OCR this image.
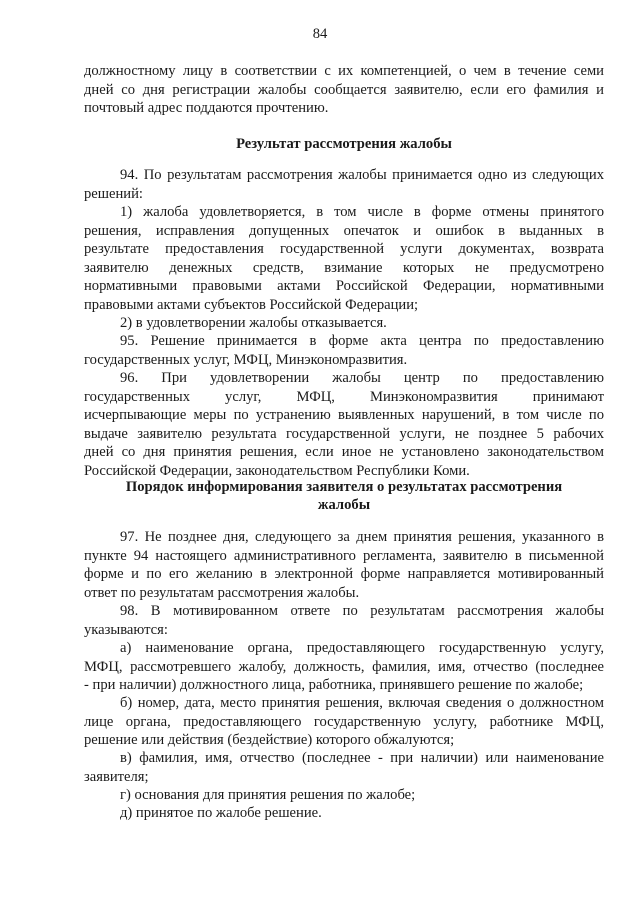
84
должностному лицу в соответствии с их компетенцией, о чем в течение семи
дней со дня регистрации жалобы сообщается заявителю, если его фамилия и
почтовый адрес поддаются прочтению.
Результат рассмотрения жалобы
94. По результатам рассмотрения жалобы принимается одно из следующих
решений:
1) жалоба удовлетворяется, в том числе в форме отмены принятого
решения, исправления допущенных опечаток и ошибок в выданных в
результате предоставления государственной услуги документах, возврата
заявителю денежных средств, взимание которых не предусмотрено
нормативными правовыми актами Российской Федерации, нормативными
правовыми актами субъектов Российской Федерации;
2) в удовлетворении жалобы отказывается.
95. Решение принимается в форме акта центра по предоставлению
государственных услуг, МФЦ, Минэкономразвития.
96. При удовлетворении жалобы центр по предоставлению
государственных услуг, МФЦ, Минэкономразвития принимают
исчерпывающие меры по устранению выявленных нарушений, в том числе по
выдаче заявителю результата государственной услуги, не позднее 5 рабочих
дней со дня принятия решения, если иное не установлено законодательством
Российской Федерации, законодательством Республики Коми.
Порядок информирования заявителя о результатах рассмотрения
жалобы
97. Не позднее дня, следующего за днем принятия решения, указанного в
пункте 94 настоящего административного регламента, заявителю в письменной
форме и по его желанию в электронной форме направляется мотивированный
ответ по результатам рассмотрения жалобы.
98. В мотивированном ответе по результатам рассмотрения жалобы
указываются:
а) наименование органа, предоставляющего государственную услугу,
МФЦ, рассмотревшего жалобу, должность, фамилия, имя, отчество (последнее
- при наличии) должностного лица, работника, принявшего решение по жалобе;
б) номер, дата, место принятия решения, включая сведения о должностном
лице органа, предоставляющего государственную услугу, работнике МФЦ,
решение или действия (бездействие) которого обжалуются;
в) фамилия, имя, отчество (последнее - при наличии) или наименование
заявителя;
г) основания для принятия решения по жалобе;
д) принятое по жалобе решение.
